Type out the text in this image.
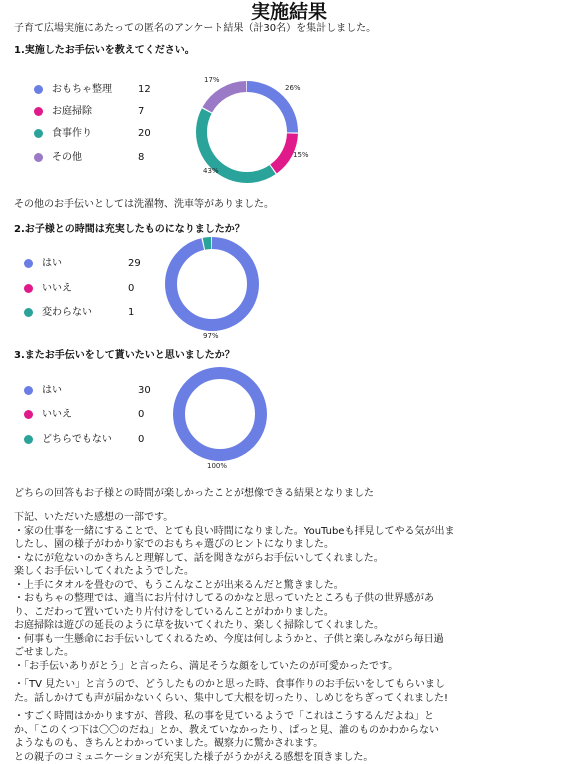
実施結果
子育て広場実施にあたっての匿名のアンケート結果（計30名）を集計しました。
1.実施したお手伝いを教えてください。
おもちゃ整理	12
お庭掃除	7
食事作り	20
その他	8
17%
26%
15%
43%
その他のお手伝いとしては洗濯物、洗車等がありました。
2.お子様との時間は充実したものになりましたか？
はい	29
いいえ	0
変わらない	1
97%
3.またお手伝いをして貰いたいと思いましたか？
はい	30
いいえ	0
どちらでもない	0
100%
どちらの回答もお子様との時間が楽しかったことが想像できる結果となりました
下記、いただいた感想の一部です。
・家の仕事を一緒にすることで、とても良い時間になりました。YouTubeも拝見してやる気が出ま
したし、園の様子がわかり家でのおもちゃ選びのヒントになりました。
・なにが危ないのかきちんと理解して、話を聞きながらお手伝いしてくれました。
楽しくお手伝いしてくれたようでした。
・上手にタオルを畳むので、もうこんなことが出来るんだと驚きました。
・おもちゃの整理では、適当にお片付けしてるのかなと思っていたところも子供の世界感があ
り、こだわって置いていたり片付けをしているんことがわかりました。
お庭掃除は遊びの延長のように草を抜いてくれたり、楽しく掃除してくれました。
・何事も一生懸命にお手伝いしてくれるため、今度は何しようかと、子供と楽しみながら毎日過
ごせました。
・「お手伝いありがとう」と言ったら、満足そうな顔をしていたのが可愛かったです。
・「TV 見たい」と言うので、どうしたものかと思った時、食事作りのお手伝いをしてもらいまし
た。話しかけても声が届かないくらい、集中して大根を切ったり、しめじをちぎってくれました!
・すごく時間はかかりますが、普段、私の事を見ているようで「これはこうするんだよね」と
か、「このくつ下は〇〇のだね」とか、教えていなかったり、ぱっと見、誰のものかわからない
ようなものも、きちんとわかっていました。観察力に驚かされます。
との親子のコミュニケーションが充実した様子がうかがえる感想を頂きました。
